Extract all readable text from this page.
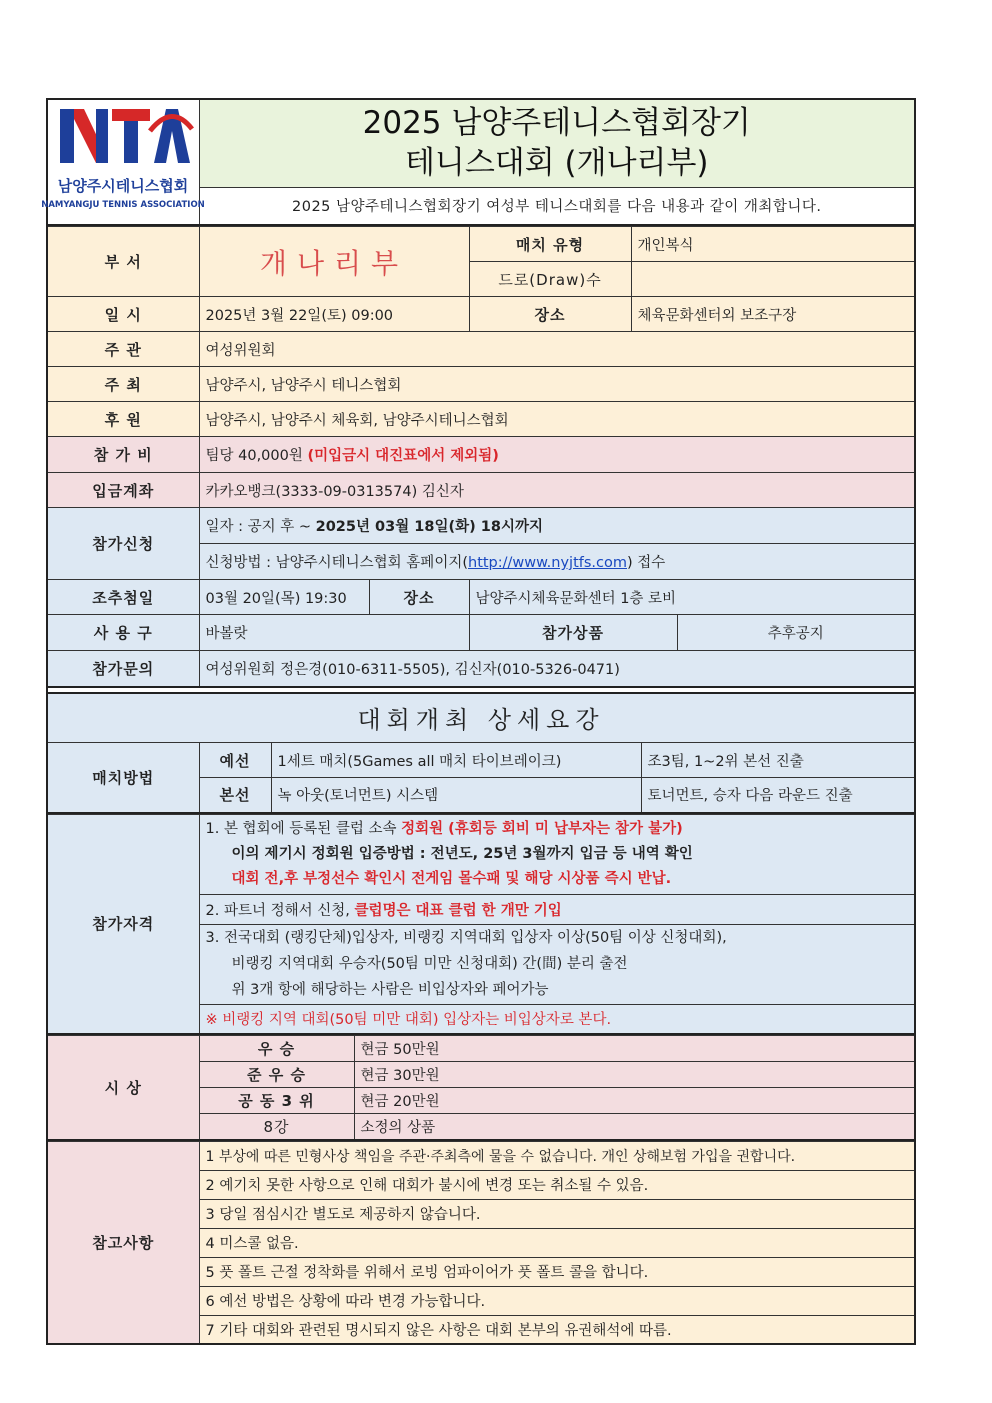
남양주시테니스협회
NAMYANGJU TENNIS ASSOCIATION

2025 남양주테니스협회장기
테니스대회 (개나리부)

2025 남양주테니스협회장기 여성부 테니스대회를 다음 내용과 같이 개최합니다.
부 서	개나리부		매치 유형	개인복식	
			드로(Draw)수		
일 시	2025년 3월 22일(토) 09:00		장소	체육문화센터외 보조구장	
주 관	여성위원회				
주 최	남양주시, 남양주시 테니스협회				
후 원	남양주시, 남양주시 체육회, 남양주시테니스협회				
참 가 비	팀당 40,000원 (미입금시 대진표에서 제외됨)				
입금계좌	카카오뱅크(3333-09-0313574) 김신자				
참가신청	일자 : 공지 후 ~ 2025년 03월 18일(화) 18시까지				
	신청방법 : 남양주시테니스협회 홈페이지(http://www.nyjtfs.com) 접수				
조추첨일	03월 20일(목) 19:30	장소	남양주시체육문화센터 1층 로비		
사 용 구	바볼랏		참가상품		추후공지
참가문의	여성위원회 정은경(010-6311-5505), 김신자(010-5326-0471)				
대회개최 상세요강			
매치방법	예선	1세트 매치(5Games all 매치 타이브레이크)	조3팀, 1~2위 본선 진출
	본선	녹 아웃(토너먼트) 시스템	토너먼트, 승자 다음 라운드 진출
참가자격	
1. 본 협회에 등록된 클럽 소속 정회원 (휴회등 회비 미 납부자는 참가 불가)
이의 제기시 정회원 입증방법 : 전년도, 25년 3월까지 입금 등 내역 확인
대회 전,후 부정선수 확인시 전게임 몰수패 및 해당 시상품 즉시 반납.

2. 파트너 정해서 신청, 클럽명은 대표 클럽 한 개만 기입

3. 전국대회 (랭킹단체)입상자, 비랭킹 지역대회 입상자 이상(50팀 이상 신청대회),
비랭킹 지역대회 우승자(50팀 미만 신청대회) 간(間) 분리 출전
위 3개 항에 해당하는 사람은 비입상자와 페어가능

※ 비랭킹 지역 대회(50팀 미만 대회) 입상자는 비입상자로 본다.
시 상	우 승	현금 50만원
	준 우 승	현금 30만원
	공 동 3 위	현금 20만원
	8강	소정의 상품
참고사항	1 부상에 따른 민형사상 책임을 주관·주최측에 물을 수 없습니다. 개인 상해보험 가입을 권합니다.
2 예기치 못한 사항으로 인해 대회가 불시에 변경 또는 취소될 수 있음.
3 당일 점심시간 별도로 제공하지 않습니다.
4 미스콜 없음.
5 풋 폴트 근절 정착화를 위해서 로빙 엄파이어가 풋 폴트 콜을 합니다.
6 예선 방법은 상황에 따라 변경 가능합니다.
7 기타 대회와 관련된 명시되지 않은 사항은 대회 본부의 유권해석에 따름.
